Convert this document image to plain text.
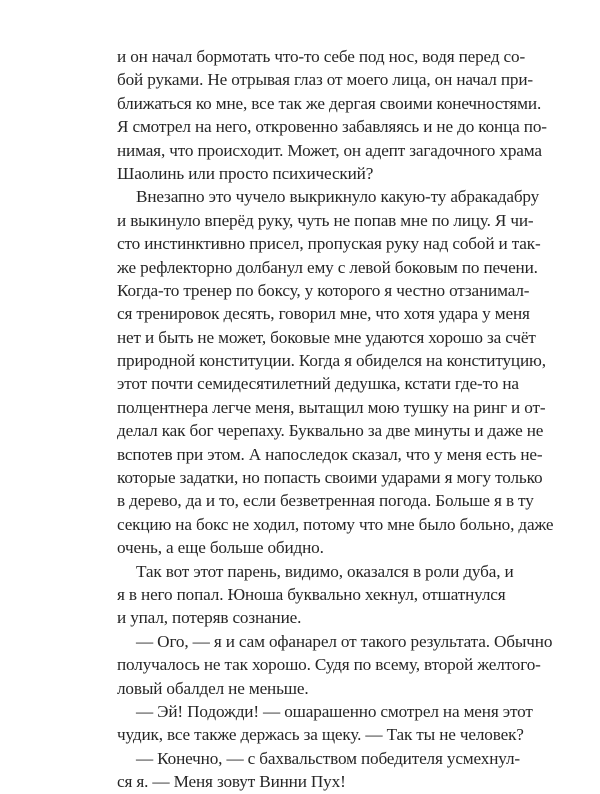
и он начал бормотать что-то себе под нос, водя перед со-
бой руками. Не отрывая глаз от моего лица, он начал при-
ближаться ко мне, все так же дергая своими конечностями.
Я смотрел на него, откровенно забавляясь и не до конца по-
нимая, что происходит. Может, он адепт загадочного храма
Шаолинь или просто психический?
Внезапно это чучело выкрикнуло какую-ту абракадабру
и выкинуло вперёд руку, чуть не попав мне по лицу. Я чи-
сто инстинктивно присел, пропуская руку над собой и так-
же рефлекторно долбанул ему с левой боковым по печени.
Когда-то тренер по боксу, у которого я честно отзанимал-
ся тренировок десять, говорил мне, что хотя удара у меня
нет и быть не может, боковые мне удаются хорошо за счёт
природной конституции. Когда я обиделся на конституцию,
этот почти семидесятилетний дедушка, кстати где-то на
полцентнера легче меня, вытащил мою тушку на ринг и от-
делал как бог черепаху. Буквально за две минуты и даже не
вспотев при этом. А напоследок сказал, что у меня есть не-
которые задатки, но попасть своими ударами я могу только
в дерево, да и то, если безветренная погода. Больше я в ту
секцию на бокс не ходил, потому что мне было больно, даже
очень, а еще больше обидно.
Так вот этот парень, видимо, оказался в роли дуба, и
я в него попал. Юноша буквально хекнул, отшатнулся
и упал, потеряв сознание.
— Ого, — я и сам офанарел от такого результата. Обычно
получалось не так хорошо. Судя по всему, второй желтого-
ловый обалдел не меньше.
— Эй! Подожди! — ошарашенно смотрел на меня этот
чудик, все также держась за щеку. — Так ты не человек?
— Конечно, — с бахвальством победителя усмехнул-
ся я. — Меня зовут Винни Пух!
